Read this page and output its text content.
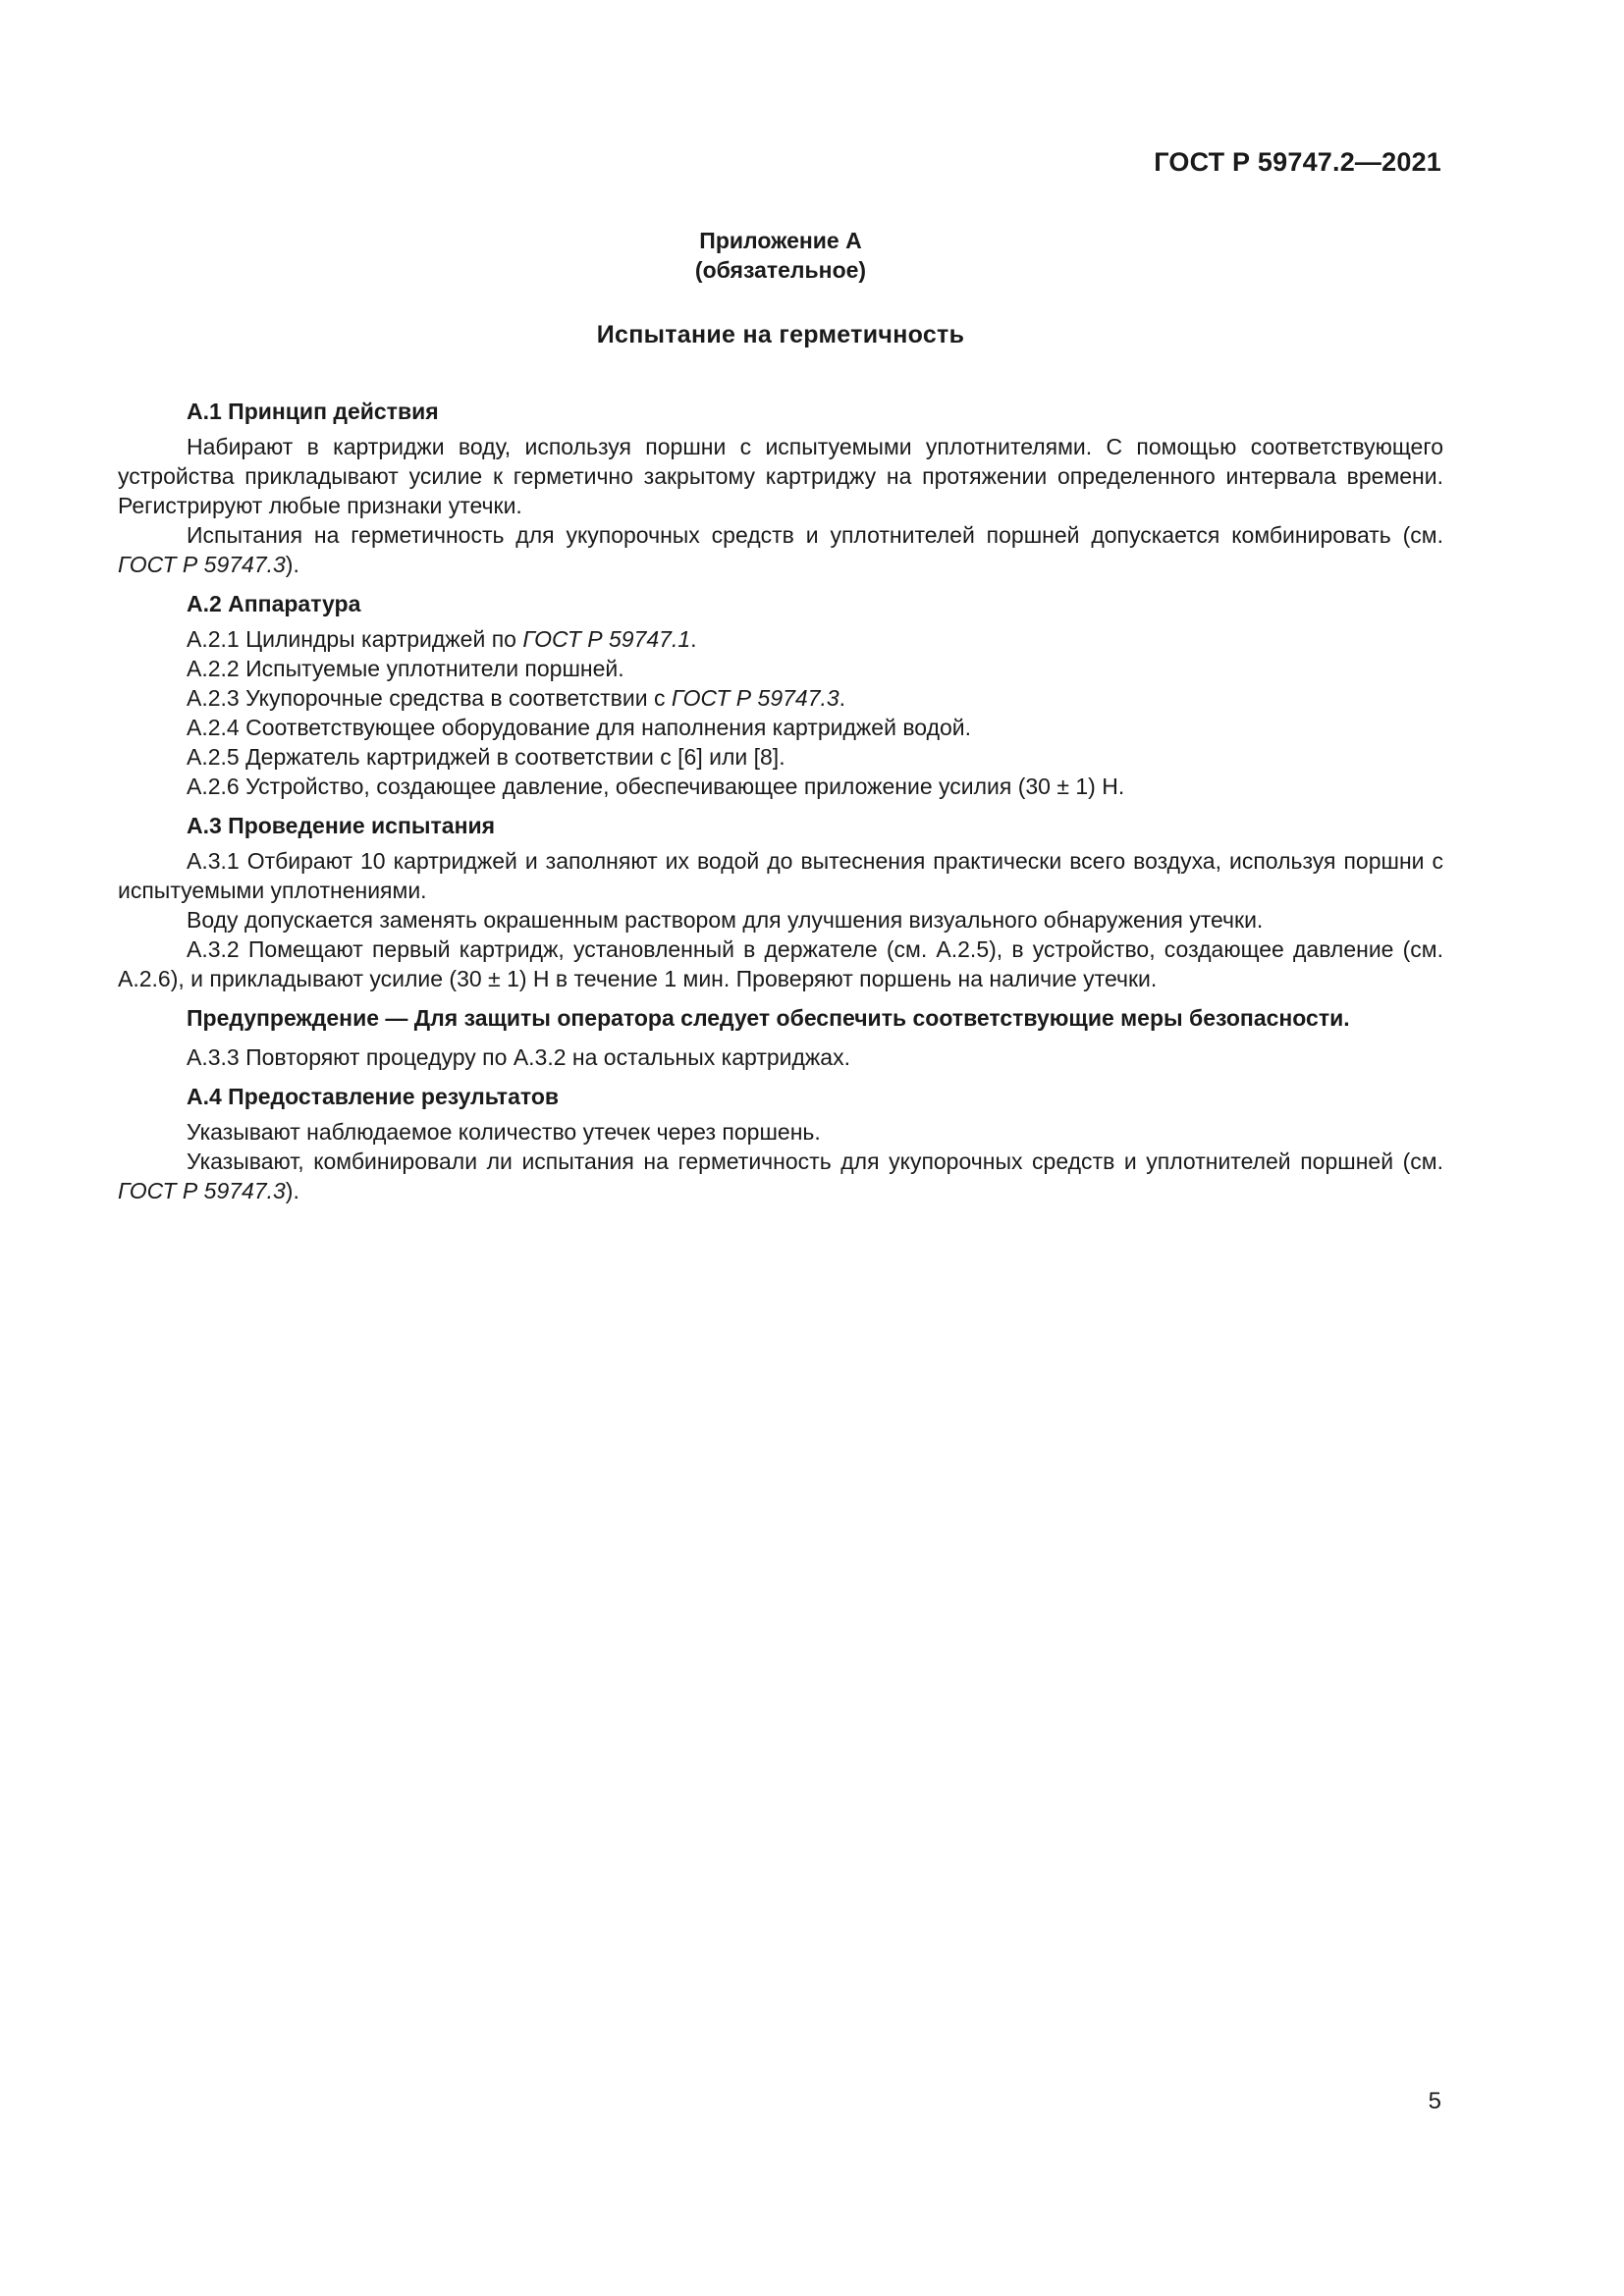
ГОСТ Р 59747.2—2021
Приложение А
(обязательное)
Испытание на герметичность
А.1 Принцип действия

Набирают в картриджи воду, используя поршни с испытуемыми уплотнителями. С помощью соответствующего устройства прикладывают усилие к герметично закрытому картриджу на протяжении определенного интервала времени. Регистрируют любые признаки утечки.

Испытания на герметичность для укупорочных средств и уплотнителей поршней допускается комбинировать (см. ГОСТ Р 59747.3).

А.2 Аппаратура

А.2.1 Цилиндры картриджей по ГОСТ Р 59747.1.

А.2.2 Испытуемые уплотнители поршней.

А.2.3 Укупорочные средства в соответствии с ГОСТ Р 59747.3.

А.2.4 Соответствующее оборудование для наполнения картриджей водой.

А.2.5 Держатель картриджей в соответствии с [6] или [8].

А.2.6 Устройство, создающее давление, обеспечивающее приложение усилия (30 ± 1) Н.

А.3 Проведение испытания

А.3.1 Отбирают 10 картриджей и заполняют их водой до вытеснения практически всего воздуха, используя поршни с испытуемыми уплотнениями.

Воду допускается заменять окрашенным раствором для улучшения визуального обнаружения утечки.

А.3.2 Помещают первый картридж, установленный в держателе (см. А.2.5), в устройство, создающее давление (см. А.2.6), и прикладывают усилие (30 ± 1) Н в течение 1 мин. Проверяют поршень на наличие утечки.

Предупреждение — Для защиты оператора следует обеспечить соответствующие меры безопасности.

А.3.3 Повторяют процедуру по А.3.2 на остальных картриджах.

А.4 Предоставление результатов

Указывают наблюдаемое количество утечек через поршень.

Указывают, комбинировали ли испытания на герметичность для укупорочных средств и уплотнителей поршней (см. ГОСТ Р 59747.3).

5
